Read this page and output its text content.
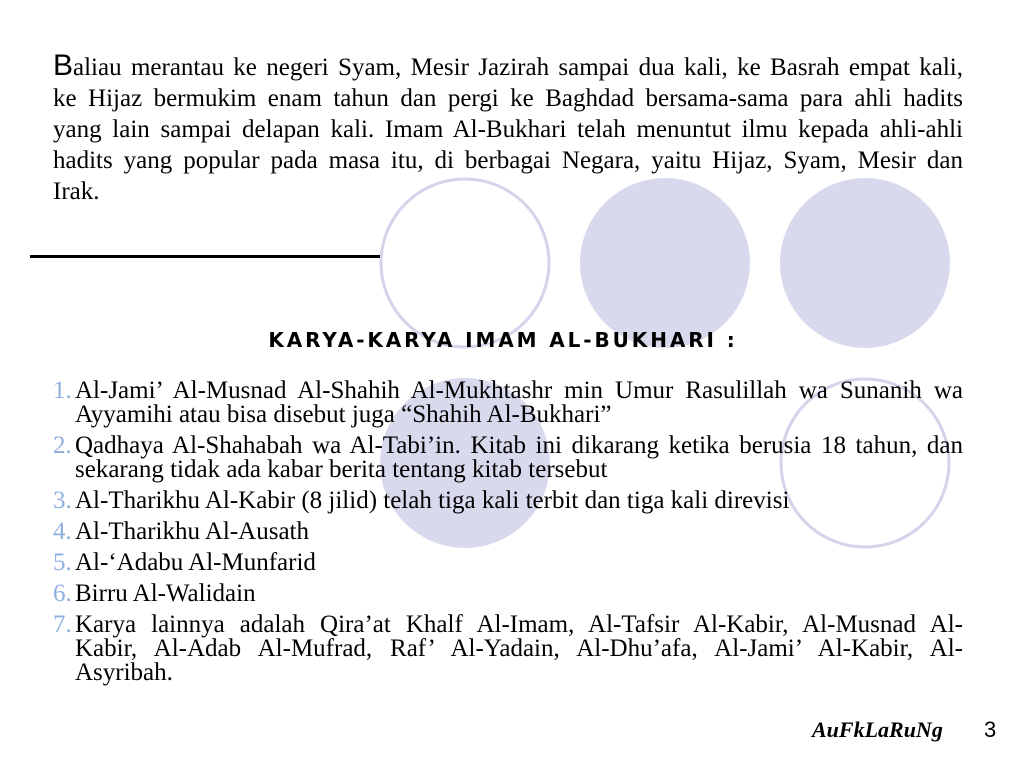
Baliau merantau ke negeri Syam, Mesir Jazirah sampai dua kali, ke Basrah empat kali,
ke Hijaz bermukim enam tahun dan pergi ke Baghdad bersama-sama para ahli hadits
yang lain sampai delapan kali. Imam Al-Bukhari telah menuntut ilmu kepada ahli-ahli
hadits yang popular pada masa itu, di berbagai Negara, yaitu Hijaz, Syam, Mesir dan
Irak.
KARYA-KARYA IMAM AL-BUKHARI :
1. Al-Jami’ Al-Musnad Al-Shahih Al-Mukhtashr min Umur Rasulillah wa Sunanih wa
Ayyamihi atau bisa disebut juga “Shahih Al-Bukhari”
2. Qadhaya Al-Shahabah wa Al-Tabi’in. Kitab ini dikarang ketika berusia 18 tahun, dan
sekarang tidak ada kabar berita tentang kitab tersebut
3. Al-Tharikhu Al-Kabir (8 jilid) telah tiga kali terbit dan tiga kali direvisi
4. Al-Tharikhu Al-Ausath
5. Al-‘Adabu Al-Munfarid
6. Birru Al-Walidain
7. Karya lainnya adalah Qira’at Khalf Al-Imam, Al-Tafsir Al-Kabir, Al-Musnad Al-
Kabir, Al-Adab Al-Mufrad, Raf’ Al-Yadain, Al-Dhu’afa, Al-Jami’ Al-Kabir, Al-
Asyribah.
AuFkLaRuNg 3
